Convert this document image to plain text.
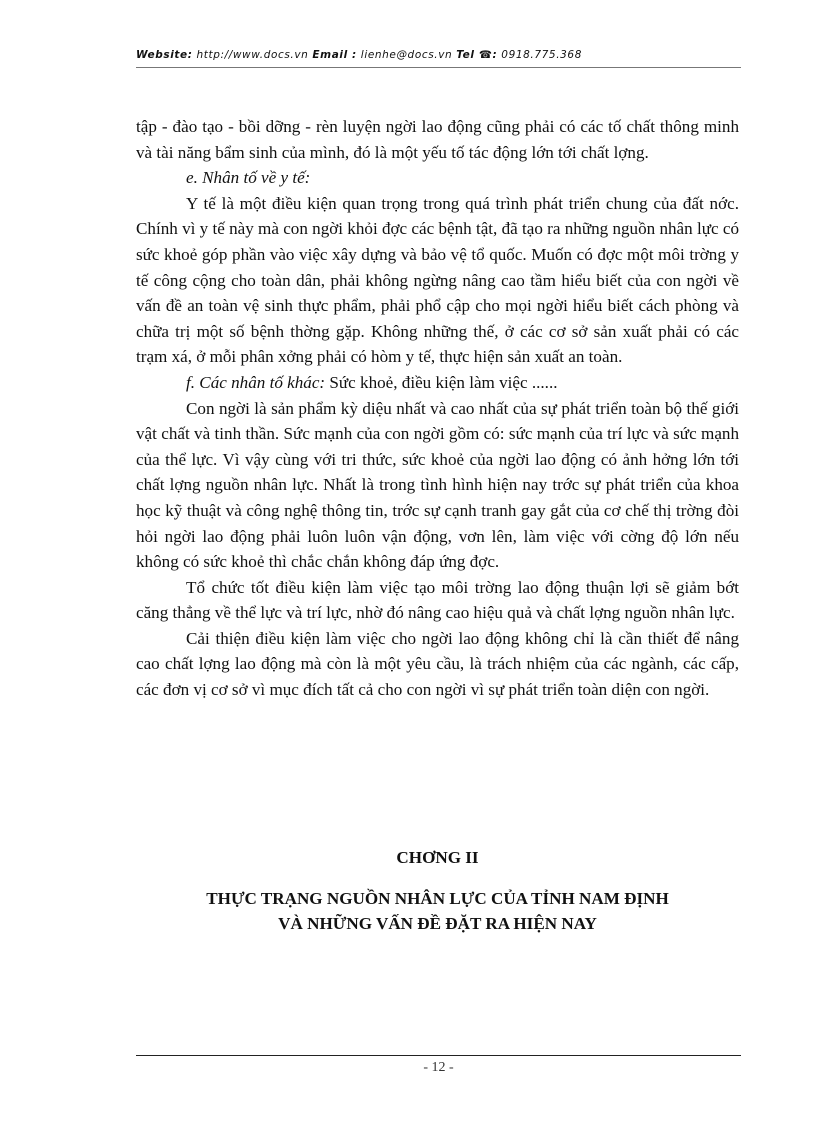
Website: http://www.docs.vn Email : lienhe@docs.vn Tel ☎: 0918.775.368

tập - đào tạo - bồi dỡng - rèn luyện ngời lao động cũng phải có các tố chất thông minh và tài năng bẩm sinh của mình, đó là một yếu tố tác động lớn tới chất lợng.

e. Nhân tố về y tế:

Y tế là một điều kiện quan trọng trong quá trình phát triển chung của đất nớc. Chính vì y tế này mà con ngời khỏi đợc các bệnh tật, đã tạo ra những nguồn nhân lực có sức khoẻ góp phần vào việc xây dựng và bảo vệ tổ quốc. Muốn có đợc một môi trờng y tế công cộng cho toàn dân, phải không ngừng nâng cao tầm hiểu biết của con ngời về vấn đề an toàn vệ sinh thực phẩm, phải phổ cập cho mọi ngời hiểu biết cách phòng và chữa trị một số bệnh thờng gặp. Không những thế, ở các cơ sở sản xuất phải có các trạm xá, ở mỗi phân xởng phải có hòm y tế, thực hiện sản xuất an toàn.

f. Các nhân tố khác: Sức khoẻ, điều kiện làm việc ......

Con ngời là sản phẩm kỳ diệu nhất và cao nhất của sự phát triển toàn bộ thế giới vật chất và tinh thần. Sức mạnh của con ngời gồm có: sức mạnh của trí lực và sức mạnh của thể lực. Vì vậy cùng với tri thức, sức khoẻ của ngời lao động có ảnh hởng lớn tới chất lợng nguồn nhân lực. Nhất là trong tình hình hiện nay trớc sự phát triển của khoa học kỹ thuật và công nghệ thông tin, trớc sự cạnh tranh gay gắt của cơ chế thị trờng đòi hỏi ngời lao động phải luôn luôn vận động, vơn lên, làm việc với cờng độ lớn nếu không có sức khoẻ thì chắc chắn không đáp ứng đợc.

Tổ chức tốt điều kiện làm việc tạo môi trờng lao động thuận lợi sẽ giảm bớt căng thẳng về thể lực và trí lực, nhờ đó nâng cao hiệu quả và chất lợng nguồn nhân lực.

Cải thiện điều kiện làm việc cho ngời lao động không chỉ là cần thiết để nâng cao chất lợng lao động mà còn là một yêu cầu, là trách nhiệm của các ngành, các cấp, các đơn vị cơ sở vì mục đích tất cả cho con ngời vì sự phát triển toàn diện con ngời.

CHƠNG II
THỰC TRẠNG NGUỒN NHÂN LỰC CỦA TỈNH NAM ĐỊNH
VÀ NHỮNG VẤN ĐỀ ĐẶT RA HIỆN NAY
- 12 -
